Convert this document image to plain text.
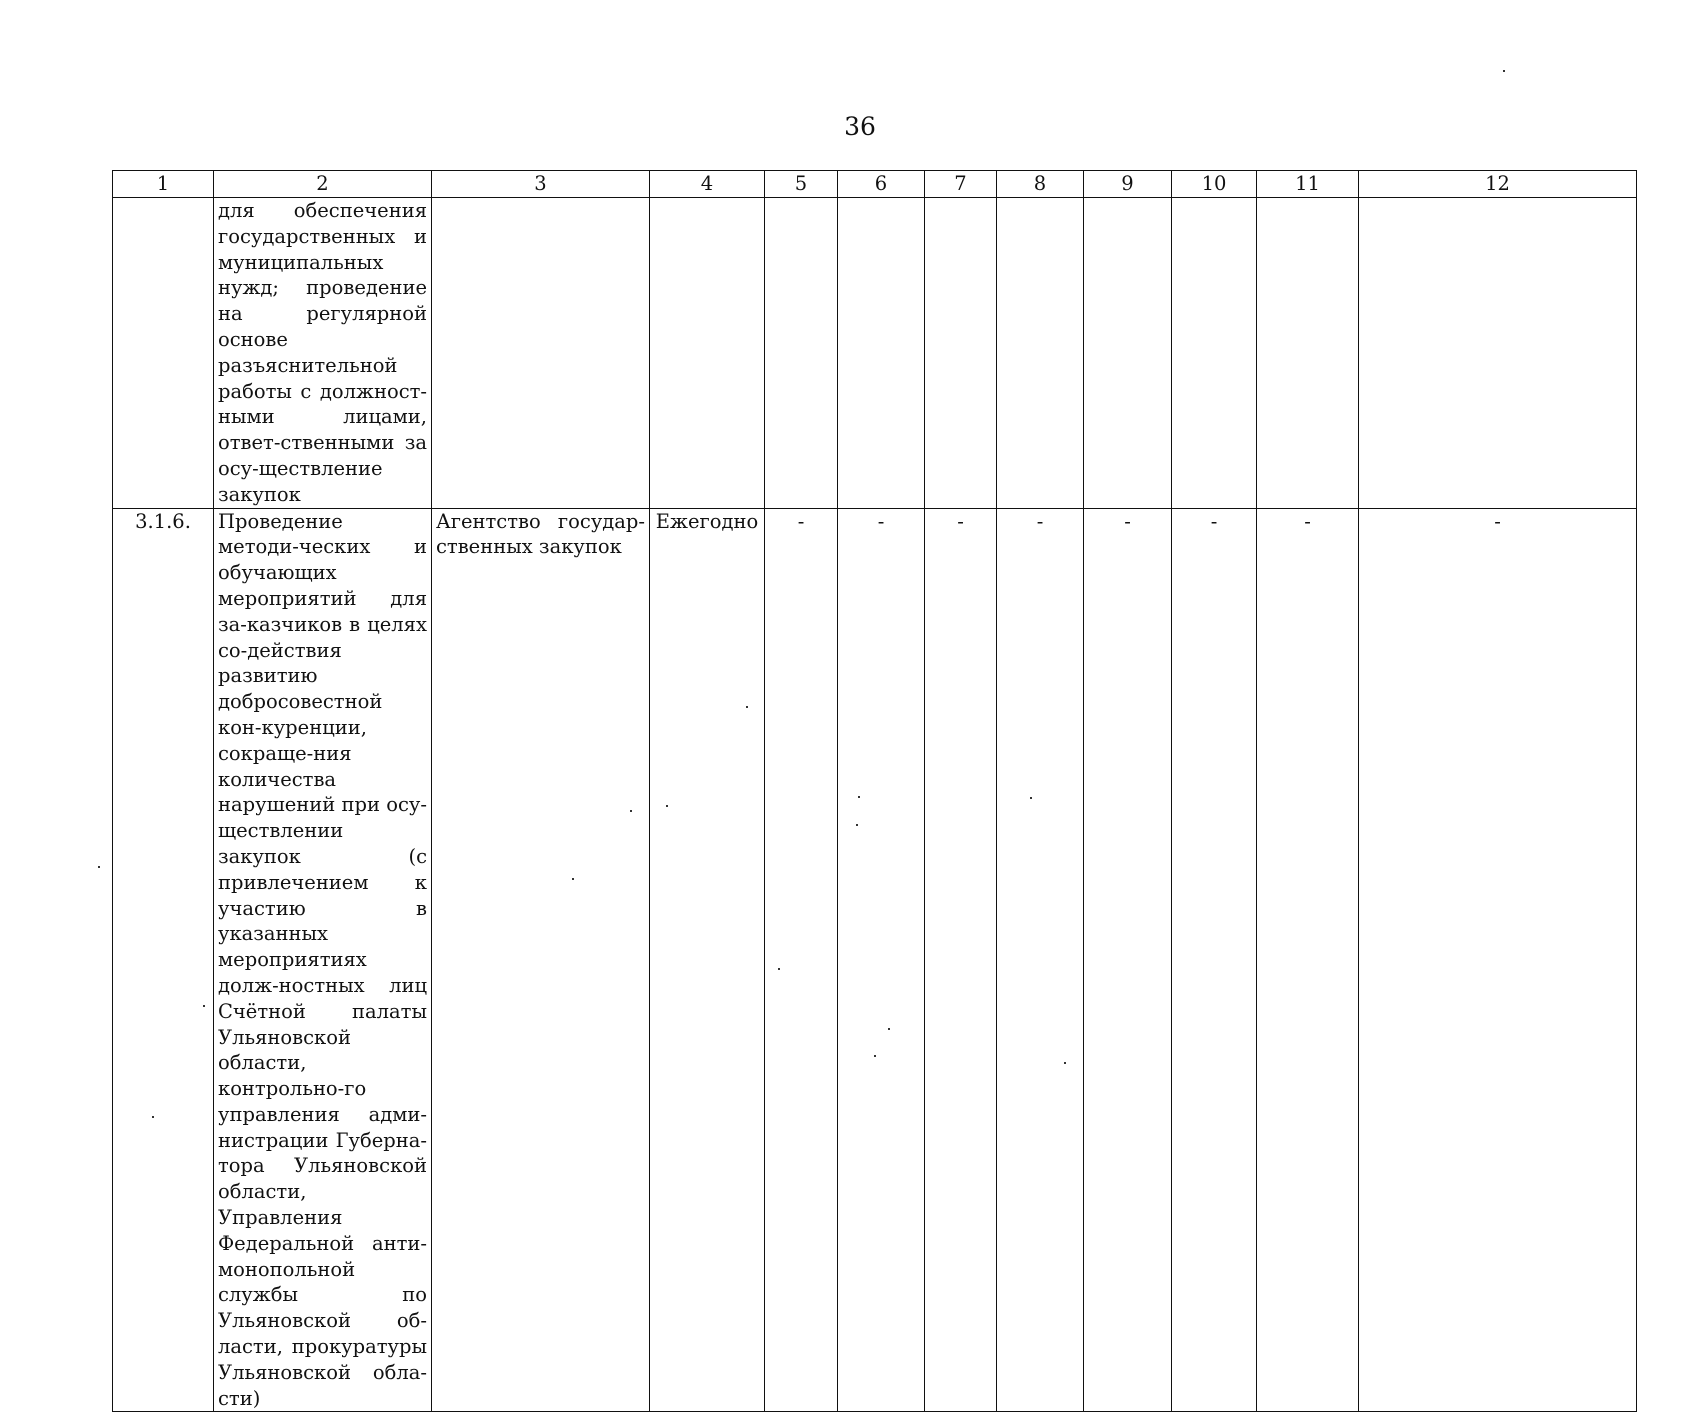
36
1	2	3	4	5	6	7	8	9	10	11	12
	для обеспечения государственных и муниципальных нужд; проведение на регулярной основе разъяснительной работы с должност-ными лицами, ответ-ственными за осу-ществление закупок										
3.1.6.	Проведение методи-ческих и обучающих мероприятий для за-казчиков в целях со-действия развитию добросовестной кон-куренции, сокраще-ния количества нарушений при осу-ществлении закупок (с привлечением к участию в указанных мероприятиях долж-ностных лиц Счётной палаты Ульяновской области, контрольно-го управления адми-нистрации Губерна-тора Ульяновской области, Управления Федеральной анти-монопольной службы по Ульяновской об-ласти, прокуратуры Ульяновской обла-сти)	Агентство государ-ственных закупок	Ежегодно	-	-	-	-	-	-	-	-
